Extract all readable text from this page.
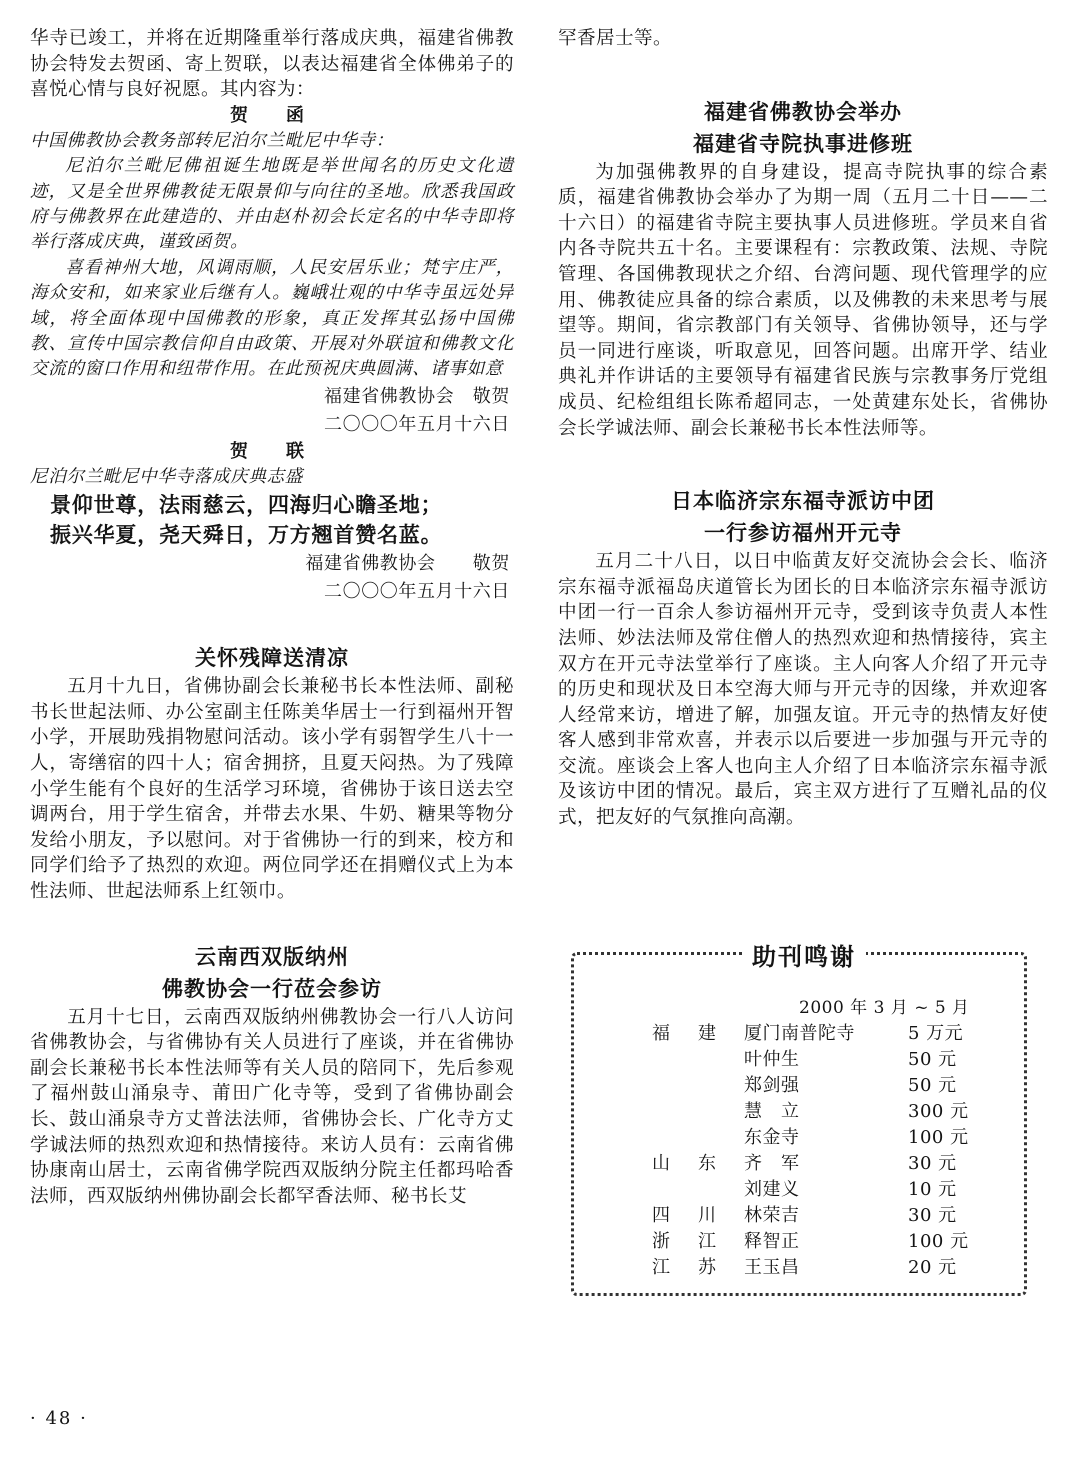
华寺已竣工，并将在近期隆重举行落成庆典，福建省佛教协会特发去贺函、寄上贺联，以表达福建省全体佛弟子的喜悦心情与良好祝愿。其内容为：

贺　函

中国佛教协会教务部转尼泊尔兰毗尼中华寺：

尼泊尔兰毗尼佛祖诞生地既是举世闻名的历史文化遗迹，又是全世界佛教徒无限景仰与向往的圣地。欣悉我国政府与佛教界在此建造的、并由赵朴初会长定名的中华寺即将举行落成庆典，谨致函贺。

喜看神州大地，风调雨顺，人民安居乐业；梵宇庄严，海众安和，如来家业后继有人。巍峨壮观的中华寺虽远处异域，将全面体现中国佛教的形象，真正发挥其弘扬中国佛教、宣传中国宗教信仰自由政策、开展对外联谊和佛教文化交流的窗口作用和纽带作用。在此预祝庆典圆满、诸事如意

福建省佛教协会　敬贺

二〇〇〇年五月十六日

贺　联

尼泊尔兰毗尼中华寺落成庆典志盛

景仰世尊，法雨慈云，四海归心瞻圣地；

振兴华夏，尧天舜日，万方翘首赞名蓝。

福建省佛教协会　　敬贺

二〇〇〇年五月十六日

关怀残障送清凉

五月十九日，省佛协副会长兼秘书长本性法师、副秘书长世起法师、办公室副主任陈美华居士一行到福州开智小学，开展助残捐物慰问活动。该小学有弱智学生八十一人，寄缮宿的四十人；宿舍拥挤，且夏天闷热。为了残障小学生能有个良好的生活学习环境，省佛协于该日送去空调两台，用于学生宿舍，并带去水果、牛奶、糖果等物分发给小朋友，予以慰问。对于省佛协一行的到来，校方和同学们给予了热烈的欢迎。两位同学还在捐赠仪式上为本性法师、世起法师系上红领巾。

云南西双版纳州

佛教协会一行莅会参访

五月十七日，云南西双版纳州佛教协会一行八人访问省佛教协会，与省佛协有关人员进行了座谈，并在省佛协副会长兼秘书长本性法师等有关人员的陪同下，先后参观了福州鼓山涌泉寺、莆田广化寺等，受到了省佛协副会长、鼓山涌泉寺方丈普法法师，省佛协会长、广化寺方丈学诚法师的热烈欢迎和热情接待。来访人员有：云南省佛协康南山居士，云南省佛学院西双版纳分院主任都玛哈香法师，西双版纳州佛协副会长都罕香法师、秘书长艾

罕香居士等。

福建省佛教协会举办

福建省寺院执事进修班

为加强佛教界的自身建设，提高寺院执事的综合素质，福建省佛教协会举办了为期一周（五月二十日——二十六日）的福建省寺院主要执事人员进修班。学员来自省内各寺院共五十名。主要课程有：宗教政策、法规、寺院管理、各国佛教现状之介绍、台湾问题、现代管理学的应用、佛教徒应具备的综合素质，以及佛教的未来思考与展望等。期间，省宗教部门有关领导、省佛协领导，还与学员一同进行座谈，听取意见，回答问题。出席开学、结业典礼并作讲话的主要领导有福建省民族与宗教事务厅党组成员、纪检组组长陈希超同志，一处黄建东处长，省佛协会长学诚法师、副会长兼秘书长本性法师等。

日本临济宗东福寺派访中团

一行参访福州开元寺

五月二十八日，以日中临黄友好交流协会会长、临济宗东福寺派福岛庆道管长为团长的日本临济宗东福寺派访中团一行一百余人参访福州开元寺，受到该寺负责人本性法师、妙法法师及常住僧人的热烈欢迎和热情接待，宾主双方在开元寺法堂举行了座谈。主人向客人介绍了开元寺的历史和现状及日本空海大师与开元寺的因缘，并欢迎客人经常来访，增进了解，加强友谊。开元寺的热情友好使客人感到非常欢喜，并表示以后要进一步加强与开元寺的交流。座谈会上客人也向主人介绍了日本临济宗东福寺派及该访中团的情况。最后，宾主双方进行了互赠礼品的仪式，把友好的气氛推向高潮。

助刊鸣谢
2000 年 3 月 ~ 5 月
福建	厦门南普陀寺	5 万元
	叶仲生	50 元
	郑剑强	50 元
	慧　立	300 元
	东金寺	100 元
山东	齐　军	30 元
	刘建义	10 元
四川	林荣吉	30 元
浙江	释智正	100 元
江苏	王玉昌	20 元
· 48 ·
